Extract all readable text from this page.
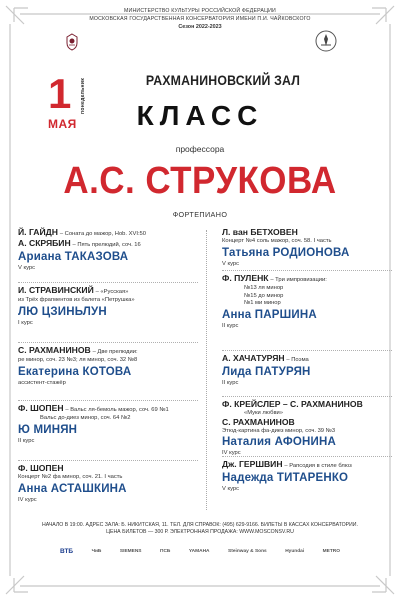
МИНИСТЕРСТВО КУЛЬТУРЫ РОССИЙСКОЙ ФЕДЕРАЦИИ
МОСКОВСКАЯ ГОСУДАРСТВЕННАЯ КОНСЕРВАТОРИЯ ИМЕНИ П.И. ЧАЙКОВСКОГО
Сезон 2022-2023
1	понедельник
МАЯ
РАХМАНИНОВСКИЙ ЗАЛ
КЛАСС
профессора
А.С. СТРУКОВА
ФОРТЕПИАНО
Й. ГАЙДН – Соната до мажор, Hob. XVI:50
А. СКРЯБИН – Пять прелюдий, соч. 16
Ариана ТАКАЗОВА
V курс
И. СТРАВИНСКИЙ – «Русская»
из Трёх фрагментов из балета «Петрушка»
ЛЮ ЦЗИНЬЛУН
I курс
С. РАХМАНИНОВ – Две прелюдии:
ре минор, соч. 23 №3; ля минор, соч. 32 №8
Екатерина КОТОВА
ассистент-стажёр
Ф. ШОПЕН – Вальс ля-бемоль мажор, соч. 69 №1
Вальс до-диез минор, соч. 64 №2
Ю МИНЯН
II курс
Ф. ШОПЕН
Концерт №2 фа минор, соч. 21. I часть
Анна АСТАШКИНА
IV курс
Л. ван БЕТХОВЕН
Концерт №4 соль мажор, соч. 58. I часть
Татьяна РОДИОНОВА
V курс
Ф. ПУЛЕНК – Три импровизации:
№13 ля минор
№15 до минор
№1 ми минор
Анна ПАРШИНА
II курс
А. ХАЧАТУРЯН – Поэма
Лида ПАТУРЯН
II курс
Ф. КРЕЙСЛЕР – С. РАХМАНИНОВ
«Муки любви»
С. РАХМАНИНОВ
Этюд-картина фа-диез минор, соч. 39 №3
Наталия АФОНИНА
IV курс
Дж. ГЕРШВИН – Рапсодия в стиле блюз
Надежда ТИТАРЕНКО
V курс
НАЧАЛО В 19:00. АДРЕС ЗАЛА: Б. НИКИТСКАЯ, 11. ТЕЛ. ДЛЯ СПРАВОК: (495) 629-9166. БИЛЕТЫ В КАССАХ КОНСЕРВАТОРИИ.
ЦЕНА БИЛЕТОВ — 300 Р. ЭЛЕКТРОННАЯ ПРОДАЖА: WWW.MOSCONSV.RU
ВТБ	ЧиБ	SIEMENS	ПСБ	YAMAHA	Steinway & Sons	Hyundai	METRO
